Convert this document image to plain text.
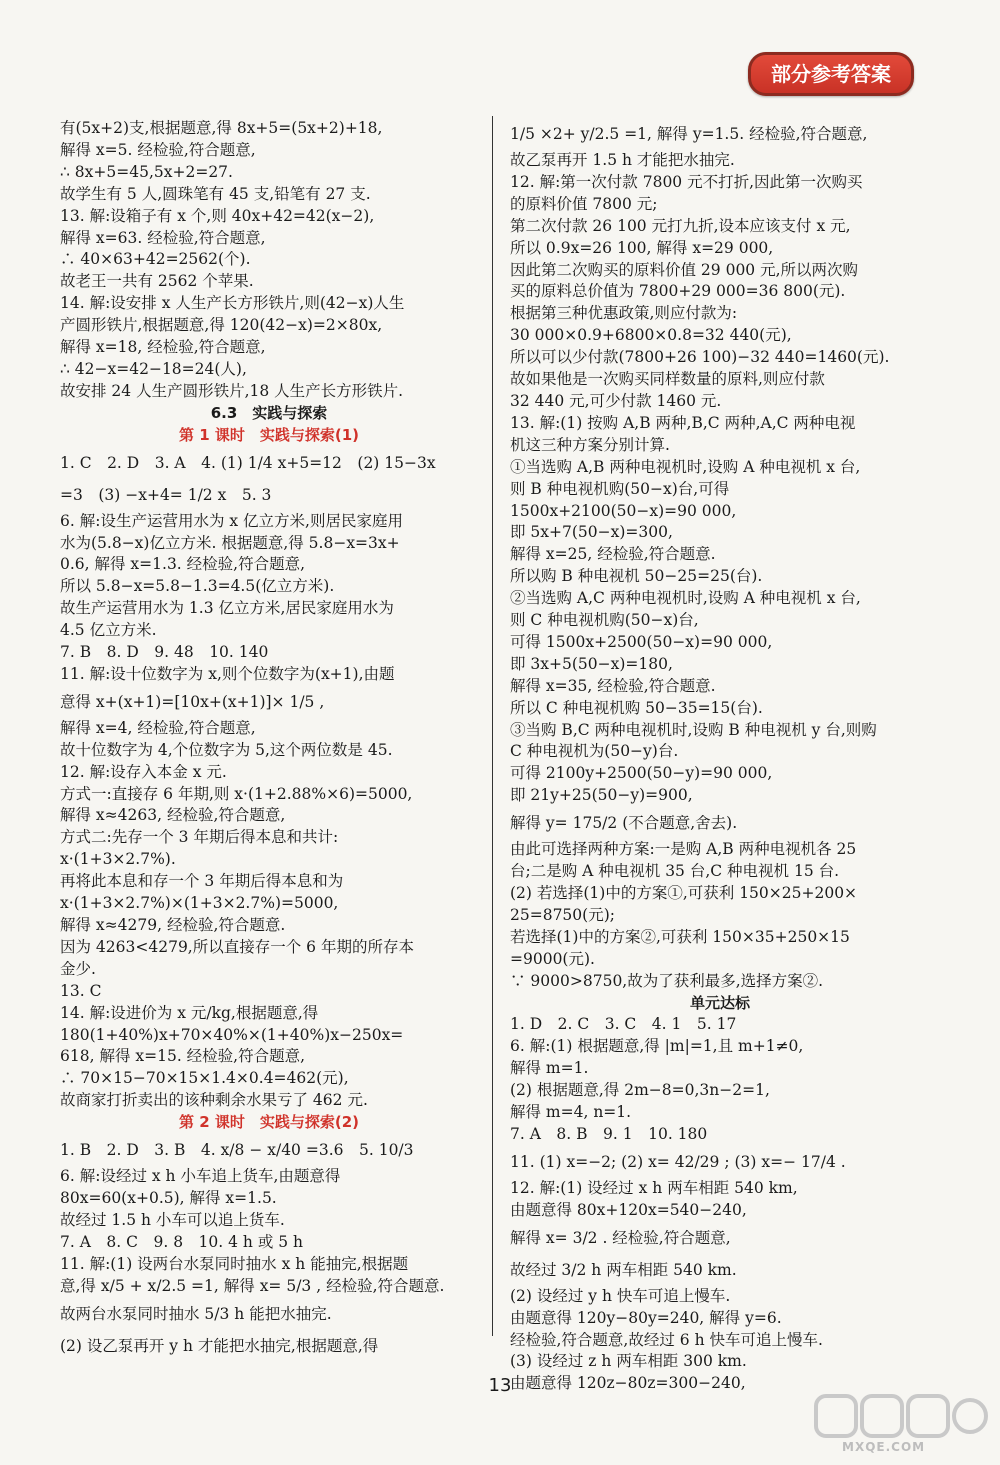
部分参考答案
有(5x+2)支,根据题意,得 8x+5=(5x+2)+18,
解得 x=5. 经检验,符合题意,
∴ 8x+5=45,5x+2=27.
故学生有 5 人,圆珠笔有 45 支,铅笔有 27 支.
13. 解:设箱子有 x 个,则 40x+42=42(x−2),
解得 x=63. 经检验,符合题意,
∴ 40×63+42=2562(个).
故老王一共有 2562 个苹果.
14. 解:设安排 x 人生产长方形铁片,则(42−x)人生
产圆形铁片,根据题意,得 120(42−x)=2×80x,
解得 x=18, 经检验,符合题意,
∴ 42−x=42−18=24(人),
故安排 24 人生产圆形铁片,18 人生产长方形铁片.
6.3　实践与探索
第 1 课时　实践与探索(1)
1. C　2. D　3. A　4. (1) 1/4 x+5=12　(2) 15−3x
=3　(3) −x+4= 1/2 x　5. 3
6. 解:设生产运营用水为 x 亿立方米,则居民家庭用
水为(5.8−x)亿立方米. 根据题意,得 5.8−x=3x+
0.6, 解得 x=1.3. 经检验,符合题意,
所以 5.8−x=5.8−1.3=4.5(亿立方米).
故生产运营用水为 1.3 亿立方米,居民家庭用水为
4.5 亿立方米.
7. B　8. D　9. 48　10. 140
11. 解:设十位数字为 x,则个位数字为(x+1),由题
意得 x+(x+1)=[10x+(x+1)]× 1/5 ,
解得 x=4, 经检验,符合题意,
故十位数字为 4,个位数字为 5,这个两位数是 45.
12. 解:设存入本金 x 元.
方式一:直接存 6 年期,则 x·(1+2.88%×6)=5000,
解得 x≈4263, 经检验,符合题意,
方式二:先存一个 3 年期后得本息和共计:
x·(1+3×2.7%).
再将此本息和存一个 3 年期后得本息和为
x·(1+3×2.7%)×(1+3×2.7%)=5000,
解得 x≈4279, 经检验,符合题意.
因为 4263<4279,所以直接存一个 6 年期的所存本
金少.
13. C
14. 解:设进价为 x 元/kg,根据题意,得
180(1+40%)x+70×40%×(1+40%)x−250x=
618, 解得 x=15. 经检验,符合题意,
∴ 70×15−70×15×1.4×0.4=462(元),
故商家打折卖出的该种剩余水果亏了 462 元.
第 2 课时　实践与探索(2)
1. B　2. D　3. B　4. x/8 − x/40 =3.6　5. 10/3
6. 解:设经过 x h 小车追上货车,由题意得
80x=60(x+0.5), 解得 x=1.5.
故经过 1.5 h 小车可以追上货车.
7. A　8. C　9. 8　10. 4 h 或 5 h
11. 解:(1) 设两台水泵同时抽水 x h 能抽完,根据题
意,得 x/5 + x/2.5 =1, 解得 x= 5/3 , 经检验,符合题意.
故两台水泵同时抽水 5/3 h 能把水抽完.
(2) 设乙泵再开 y h 才能把水抽完,根据题意,得
1/5 ×2+ y/2.5 =1, 解得 y=1.5. 经检验,符合题意,
故乙泵再开 1.5 h 才能把水抽完.
12. 解:第一次付款 7800 元不打折,因此第一次购买
的原料价值 7800 元;
第二次付款 26 100 元打九折,设本应该支付 x 元,
所以 0.9x=26 100, 解得 x=29 000,
因此第二次购买的原料价值 29 000 元,所以两次购
买的原料总价值为 7800+29 000=36 800(元).
根据第三种优惠政策,则应付款为:
30 000×0.9+6800×0.8=32 440(元),
所以可以少付款(7800+26 100)−32 440=1460(元).
故如果他是一次购买同样数量的原料,则应付款
32 440 元,可少付款 1460 元.
13. 解:(1) 按购 A,B 两种,B,C 两种,A,C 两种电视
机这三种方案分别计算.
①当选购 A,B 两种电视机时,设购 A 种电视机 x 台,
则 B 种电视机购(50−x)台,可得
1500x+2100(50−x)=90 000,
即 5x+7(50−x)=300,
解得 x=25, 经检验,符合题意.
所以购 B 种电视机 50−25=25(台).
②当选购 A,C 两种电视机时,设购 A 种电视机 x 台,
则 C 种电视机购(50−x)台,
可得 1500x+2500(50−x)=90 000,
即 3x+5(50−x)=180,
解得 x=35, 经检验,符合题意.
所以 C 种电视机购 50−35=15(台).
③当购 B,C 两种电视机时,设购 B 种电视机 y 台,则购
C 种电视机为(50−y)台.
可得 2100y+2500(50−y)=90 000,
即 21y+25(50−y)=900,
解得 y= 175/2 (不合题意,舍去).
由此可选择两种方案:一是购 A,B 两种电视机各 25
台;二是购 A 种电视机 35 台,C 种电视机 15 台.
(2) 若选择(1)中的方案①,可获利 150×25+200×
25=8750(元);
若选择(1)中的方案②,可获利 150×35+250×15
=9000(元).
∵ 9000>8750,故为了获利最多,选择方案②.
单元达标
1. D　2. C　3. C　4. 1　5. 17
6. 解:(1) 根据题意,得 |m|=1,且 m+1≠0,
解得 m=1.
(2) 根据题意,得 2m−8=0,3n−2=1,
解得 m=4, n=1.
7. A　8. B　9. 1　10. 180
11. (1) x=−2; (2) x= 42/29 ; (3) x=− 17/4 .
12. 解:(1) 设经过 x h 两车相距 540 km,
由题意得 80x+120x=540−240,
解得 x= 3/2 . 经检验,符合题意,
故经过 3/2 h 两车相距 540 km.
(2) 设经过 y h 快车可追上慢车.
由题意得 120y−80y=240, 解得 y=6.
经检验,符合题意,故经过 6 h 快车可追上慢车.
(3) 设经过 z h 两车相距 300 km.
由题意得 120z−80z=300−240,
13
MXQE.COM
